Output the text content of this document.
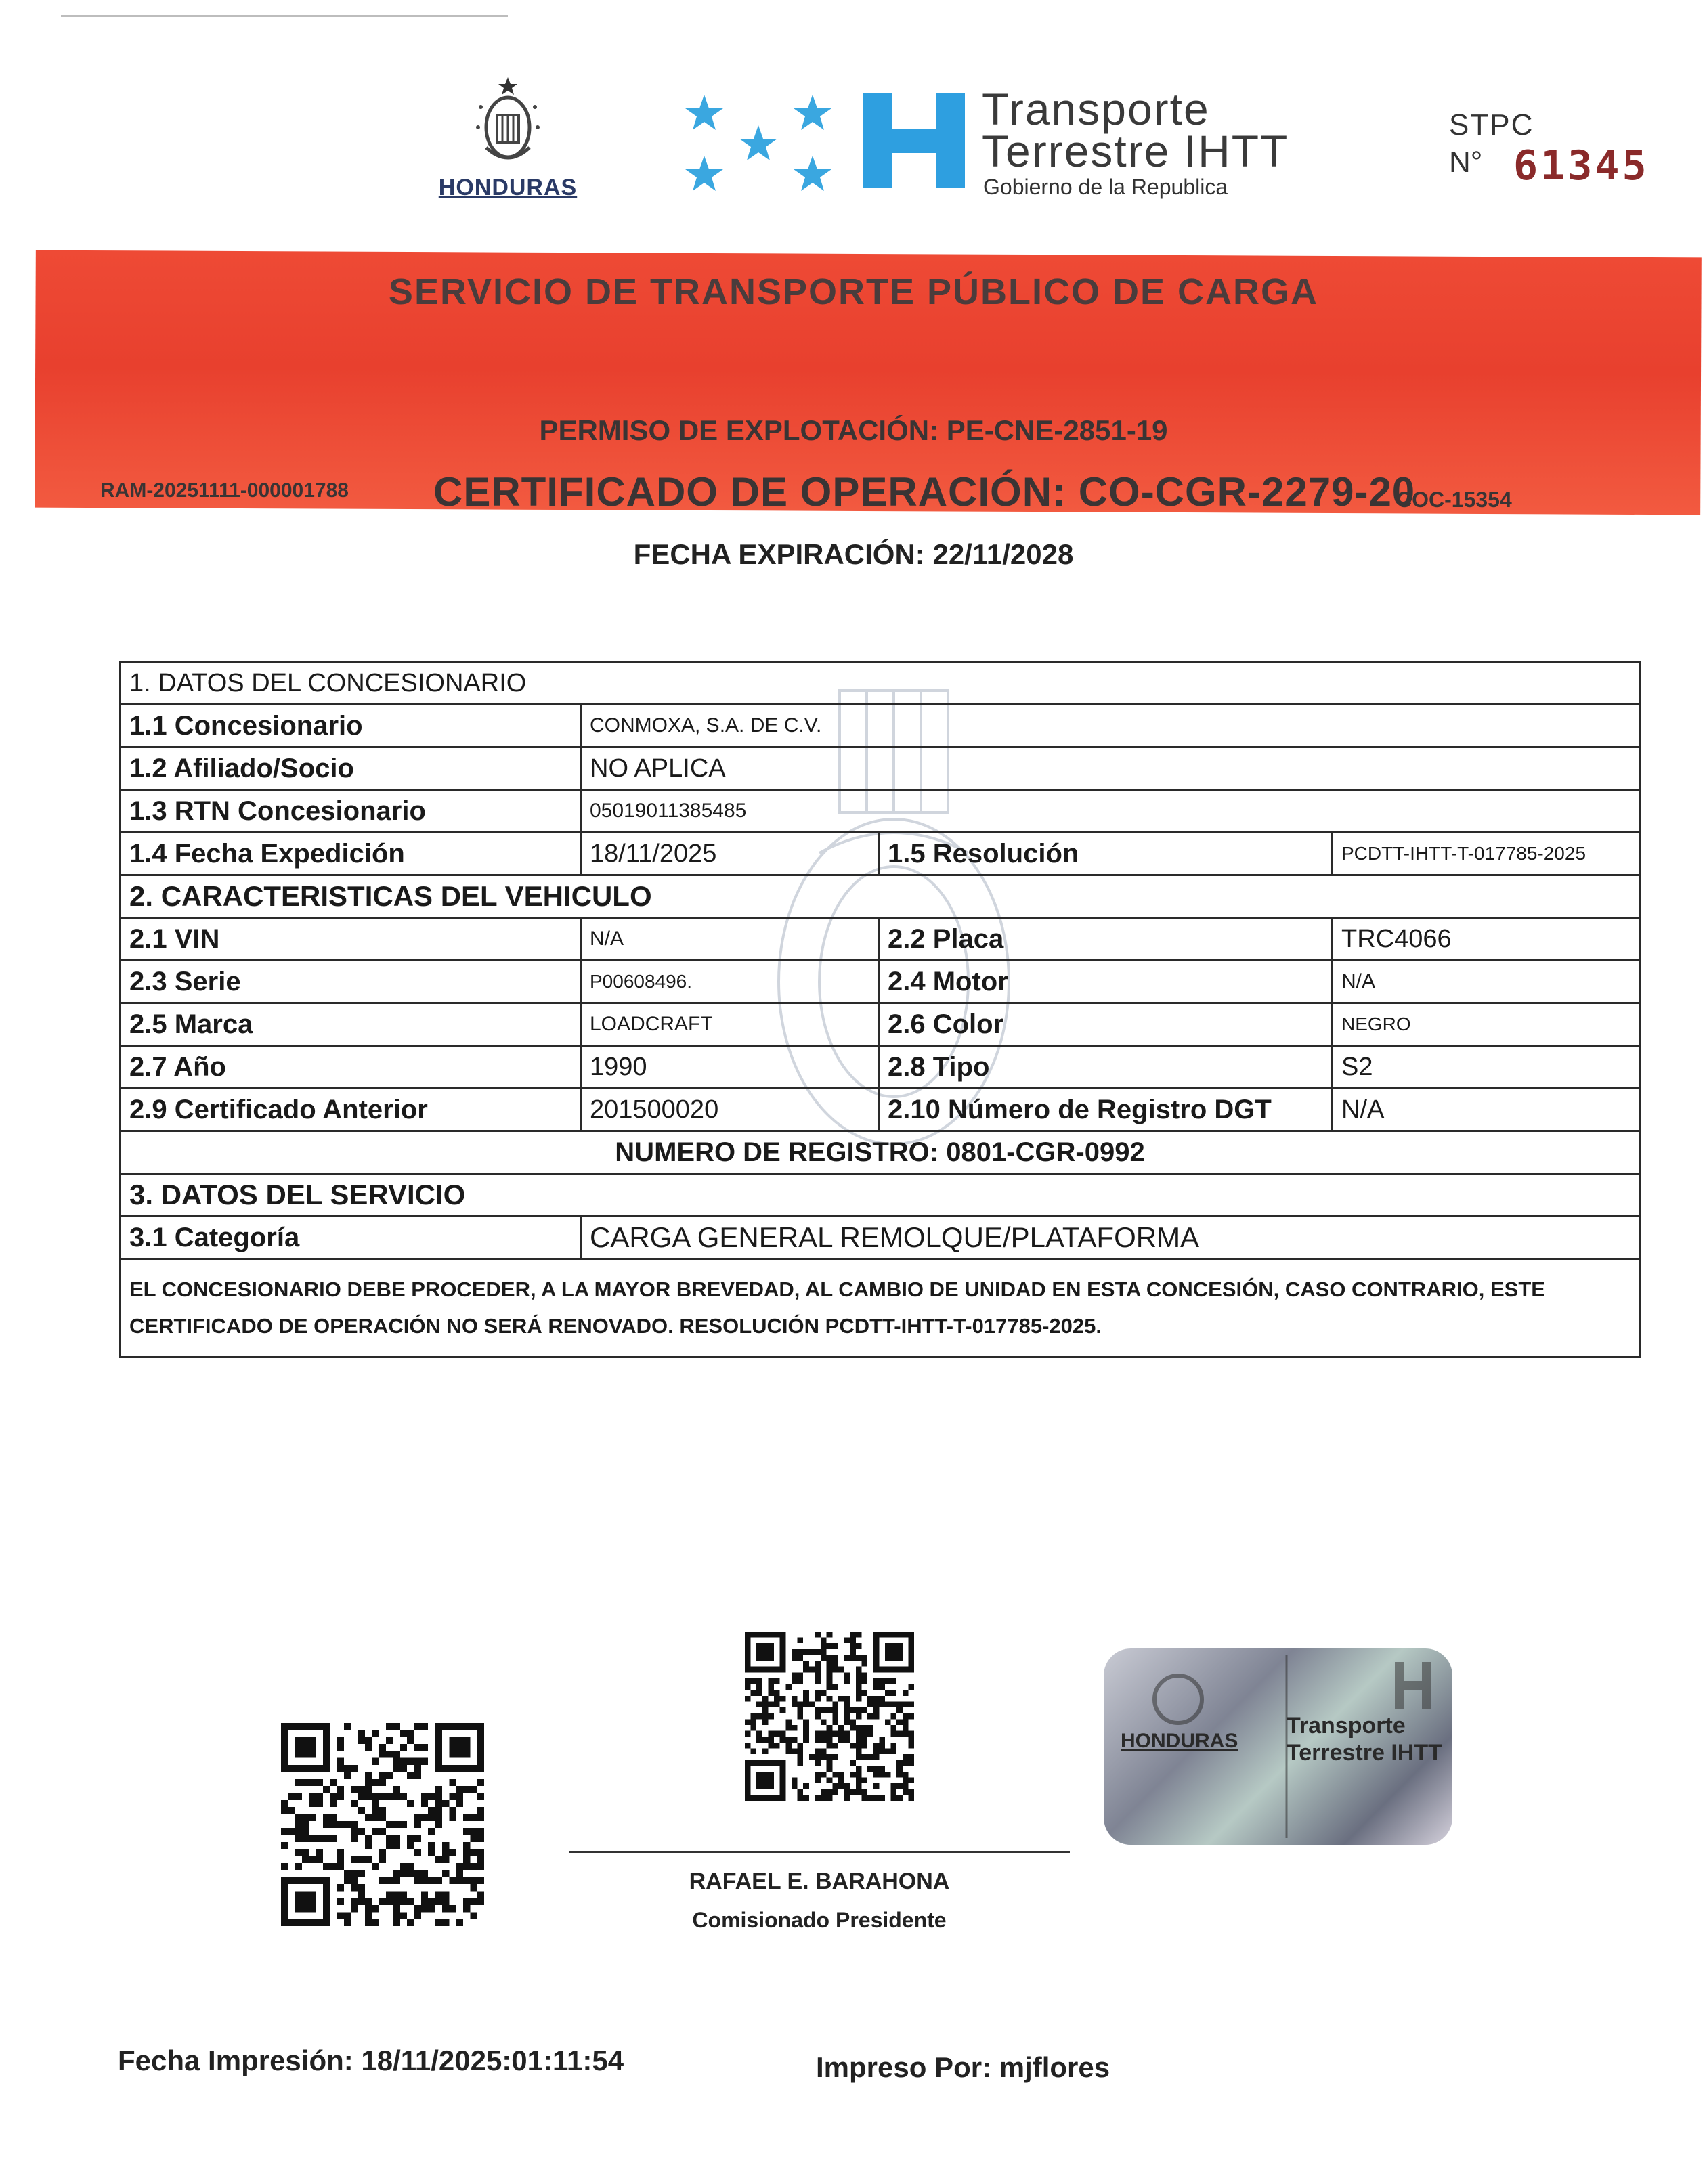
HONDURAS
Transporte
Terrestre IHTT
Gobierno de la Republica
STPC
N° 61345
SERVICIO DE TRANSPORTE PÚBLICO DE CARGA
PERMISO DE EXPLOTACIÓN: PE-CNE-2851-19
RAM-20251111-000001788 CERTIFICADO DE OPERACIÓN: CO-CGR-2279-20
COC-15354
FECHA EXPIRACIÓN: 22/11/2028
1. DATOS DEL CONCESIONARIO			
1.1 Concesionario	CONMOXA, S.A. DE C.V.		
1.2 Afiliado/Socio	NO APLICA		
1.3 RTN Concesionario	05019011385485		
1.4 Fecha Expedición	18/11/2025	1.5 Resolución	PCDTT-IHTT-T-017785-2025
2. CARACTERISTICAS DEL VEHICULO			
2.1 VIN	N/A	2.2 Placa	TRC4066
2.3 Serie	P00608496.	2.4 Motor	N/A
2.5 Marca	LOADCRAFT	2.6 Color	NEGRO
2.7 Año	1990	2.8 Tipo	S2
2.9 Certificado Anterior	201500020	2.10 Número de Registro DGT	N/A
NUMERO DE REGISTRO: 0801-CGR-0992			
3. DATOS DEL SERVICIO			
3.1 Categoría	CARGA GENERAL REMOLQUE/PLATAFORMA		
EL CONCESIONARIO DEBE PROCEDER, A LA MAYOR BREVEDAD, AL CAMBIO DE UNIDAD EN ESTA CONCESIÓN, CASO CONTRARIO, ESTE CERTIFICADO DE OPERACIÓN NO SERÁ RENOVADO. RESOLUCIÓN PCDTT-IHTT-T-017785-2025.			
HONDURAS
Transporte
Terrestre IHTT
RAFAEL E. BARAHONA
Comisionado Presidente
Fecha Impresión: 18/11/2025:01:11:54	Impreso Por: mjflores
